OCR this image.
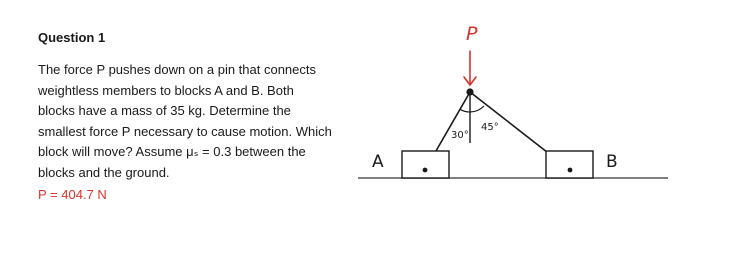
Question 1

The force P pushes down on a pin that connects

weightless members to blocks A and B. Both

blocks have a mass of 35 kg. Determine the

smallest force P necessary to cause motion. Which

block will move? Assume μₛ = 0.3 between the

blocks and the ground.

P = 404.7 N
P
30°
45°
A	B
